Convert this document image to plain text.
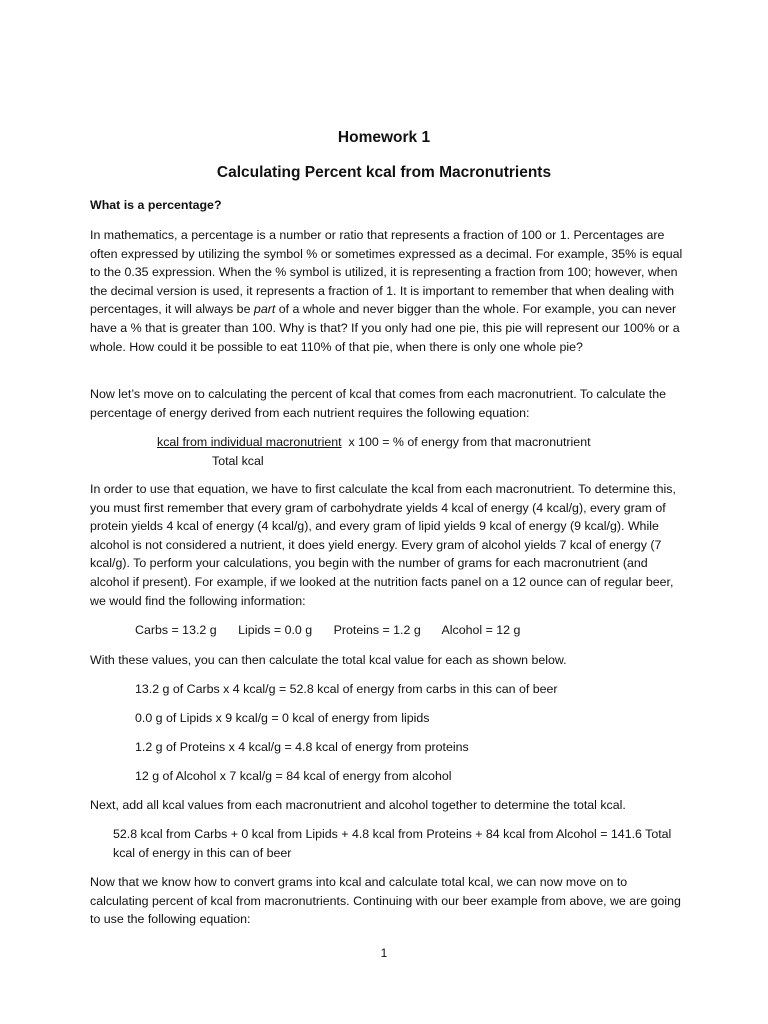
Homework 1
Calculating Percent kcal from Macronutrients
What is a percentage?
In mathematics, a percentage is a number or ratio that represents a fraction of 100 or 1. Percentages are often expressed by utilizing the symbol % or sometimes expressed as a decimal. For example, 35% is equal to the 0.35 expression. When the % symbol is utilized, it is representing a fraction from 100; however, when the decimal version is used, it represents a fraction of 1. It is important to remember that when dealing with percentages, it will always be part of a whole and never bigger than the whole. For example, you can never have a % that is greater than 100. Why is that? If you only had one pie, this pie will represent our 100% or a whole. How could it be possible to eat 110% of that pie, when there is only one whole pie?
Now let’s move on to calculating the percent of kcal that comes from each macronutrient. To calculate the percentage of energy derived from each nutrient requires the following equation:
kcal from individual macronutrient  x 100 = % of energy from that macronutrient
Total kcal
In order to use that equation, we have to first calculate the kcal from each macronutrient. To determine this, you must first remember that every gram of carbohydrate yields 4 kcal of energy (4 kcal/g), every gram of protein yields 4 kcal of energy (4 kcal/g), and every gram of lipid yields 9 kcal of energy (9 kcal/g). While alcohol is not considered a nutrient, it does yield energy. Every gram of alcohol yields 7 kcal of energy (7 kcal/g). To perform your calculations, you begin with the number of grams for each macronutrient (and alcohol if present). For example, if we looked at the nutrition facts panel on a 12 ounce can of regular beer, we would find the following information:
Carbs = 13.2 g Lipids = 0.0 g Proteins = 1.2 g Alcohol = 12 g
With these values, you can then calculate the total kcal value for each as shown below.
13.2 g of Carbs x 4 kcal/g = 52.8 kcal of energy from carbs in this can of beer
0.0 g of Lipids x 9 kcal/g = 0 kcal of energy from lipids
1.2 g of Proteins x 4 kcal/g = 4.8 kcal of energy from proteins
12 g of Alcohol x 7 kcal/g = 84 kcal of energy from alcohol
Next, add all kcal values from each macronutrient and alcohol together to determine the total kcal.
52.8 kcal from Carbs + 0 kcal from Lipids + 4.8 kcal from Proteins + 84 kcal from Alcohol = 141.6 Total kcal of energy in this can of beer
Now that we know how to convert grams into kcal and calculate total kcal, we can now move on to calculating percent of kcal from macronutrients. Continuing with our beer example from above, we are going to use the following equation:
1
